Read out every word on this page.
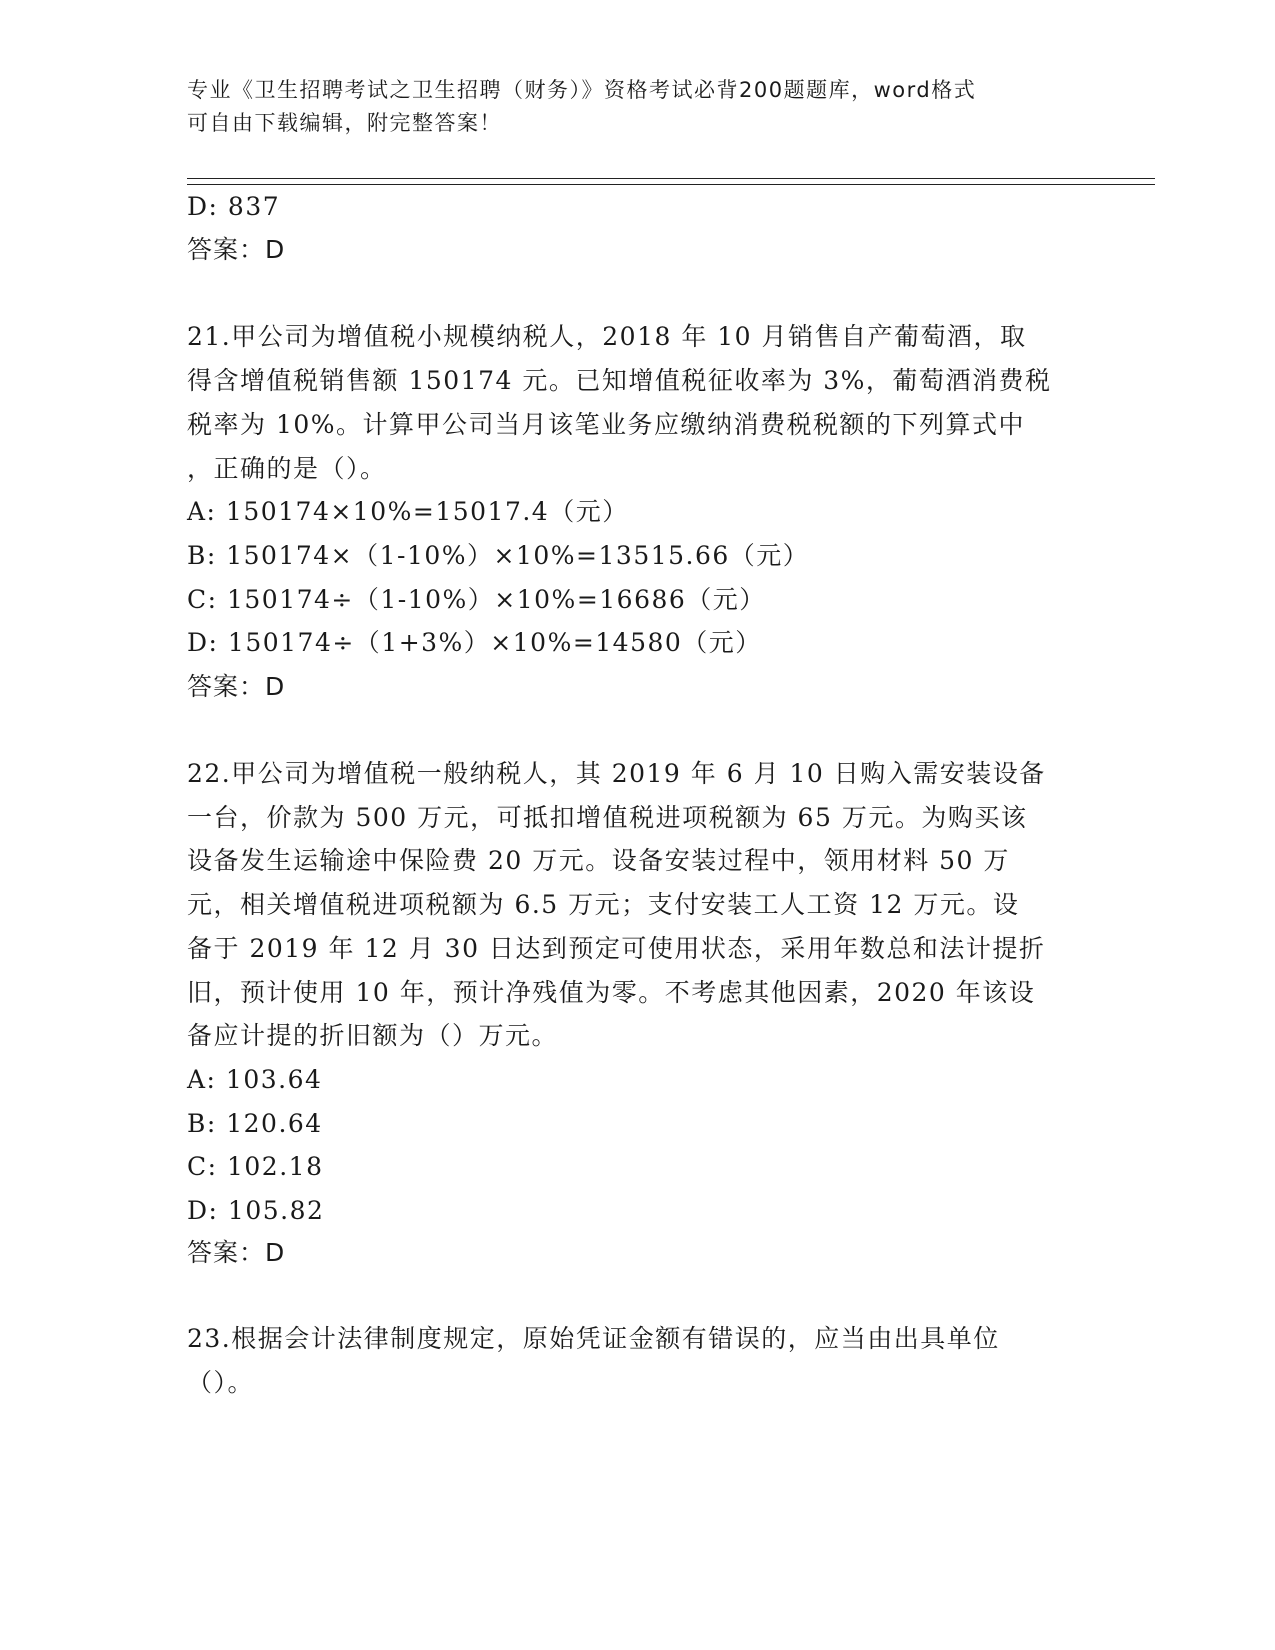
专业《卫生招聘考试之卫生招聘（财务）》资格考试必背200题题库，word格式
可自由下载编辑，附完整答案！
D: 837
答案：D
21.甲公司为增值税小规模纳税人，2018 年 10 月销售自产葡萄酒，取
得含增值税销售额 150174 元。已知增值税征收率为 3%，葡萄酒消费税
税率为 10%。计算甲公司当月该笔业务应缴纳消费税税额的下列算式中
，正确的是（）。
A: 150174×10%=15017.4（元）
B: 150174×（1-10%）×10%=13515.66（元）
C: 150174÷（1-10%）×10%=16686（元）
D: 150174÷（1+3%）×10%=14580（元）
答案：D
22.甲公司为增值税一般纳税人，其 2019 年 6 月 10 日购入需安装设备
一台，价款为 500 万元，可抵扣增值税进项税额为 65 万元。为购买该
设备发生运输途中保险费 20 万元。设备安装过程中，领用材料 50 万
元，相关增值税进项税额为 6.5 万元；支付安装工人工资 12 万元。设
备于 2019 年 12 月 30 日达到预定可使用状态，采用年数总和法计提折
旧，预计使用 10 年，预计净残值为零。不考虑其他因素，2020 年该设
备应计提的折旧额为（）万元。
A: 103.64
B: 120.64
C: 102.18
D: 105.82
答案：D
23.根据会计法律制度规定，原始凭证金额有错误的，应当由出具单位
（）。
